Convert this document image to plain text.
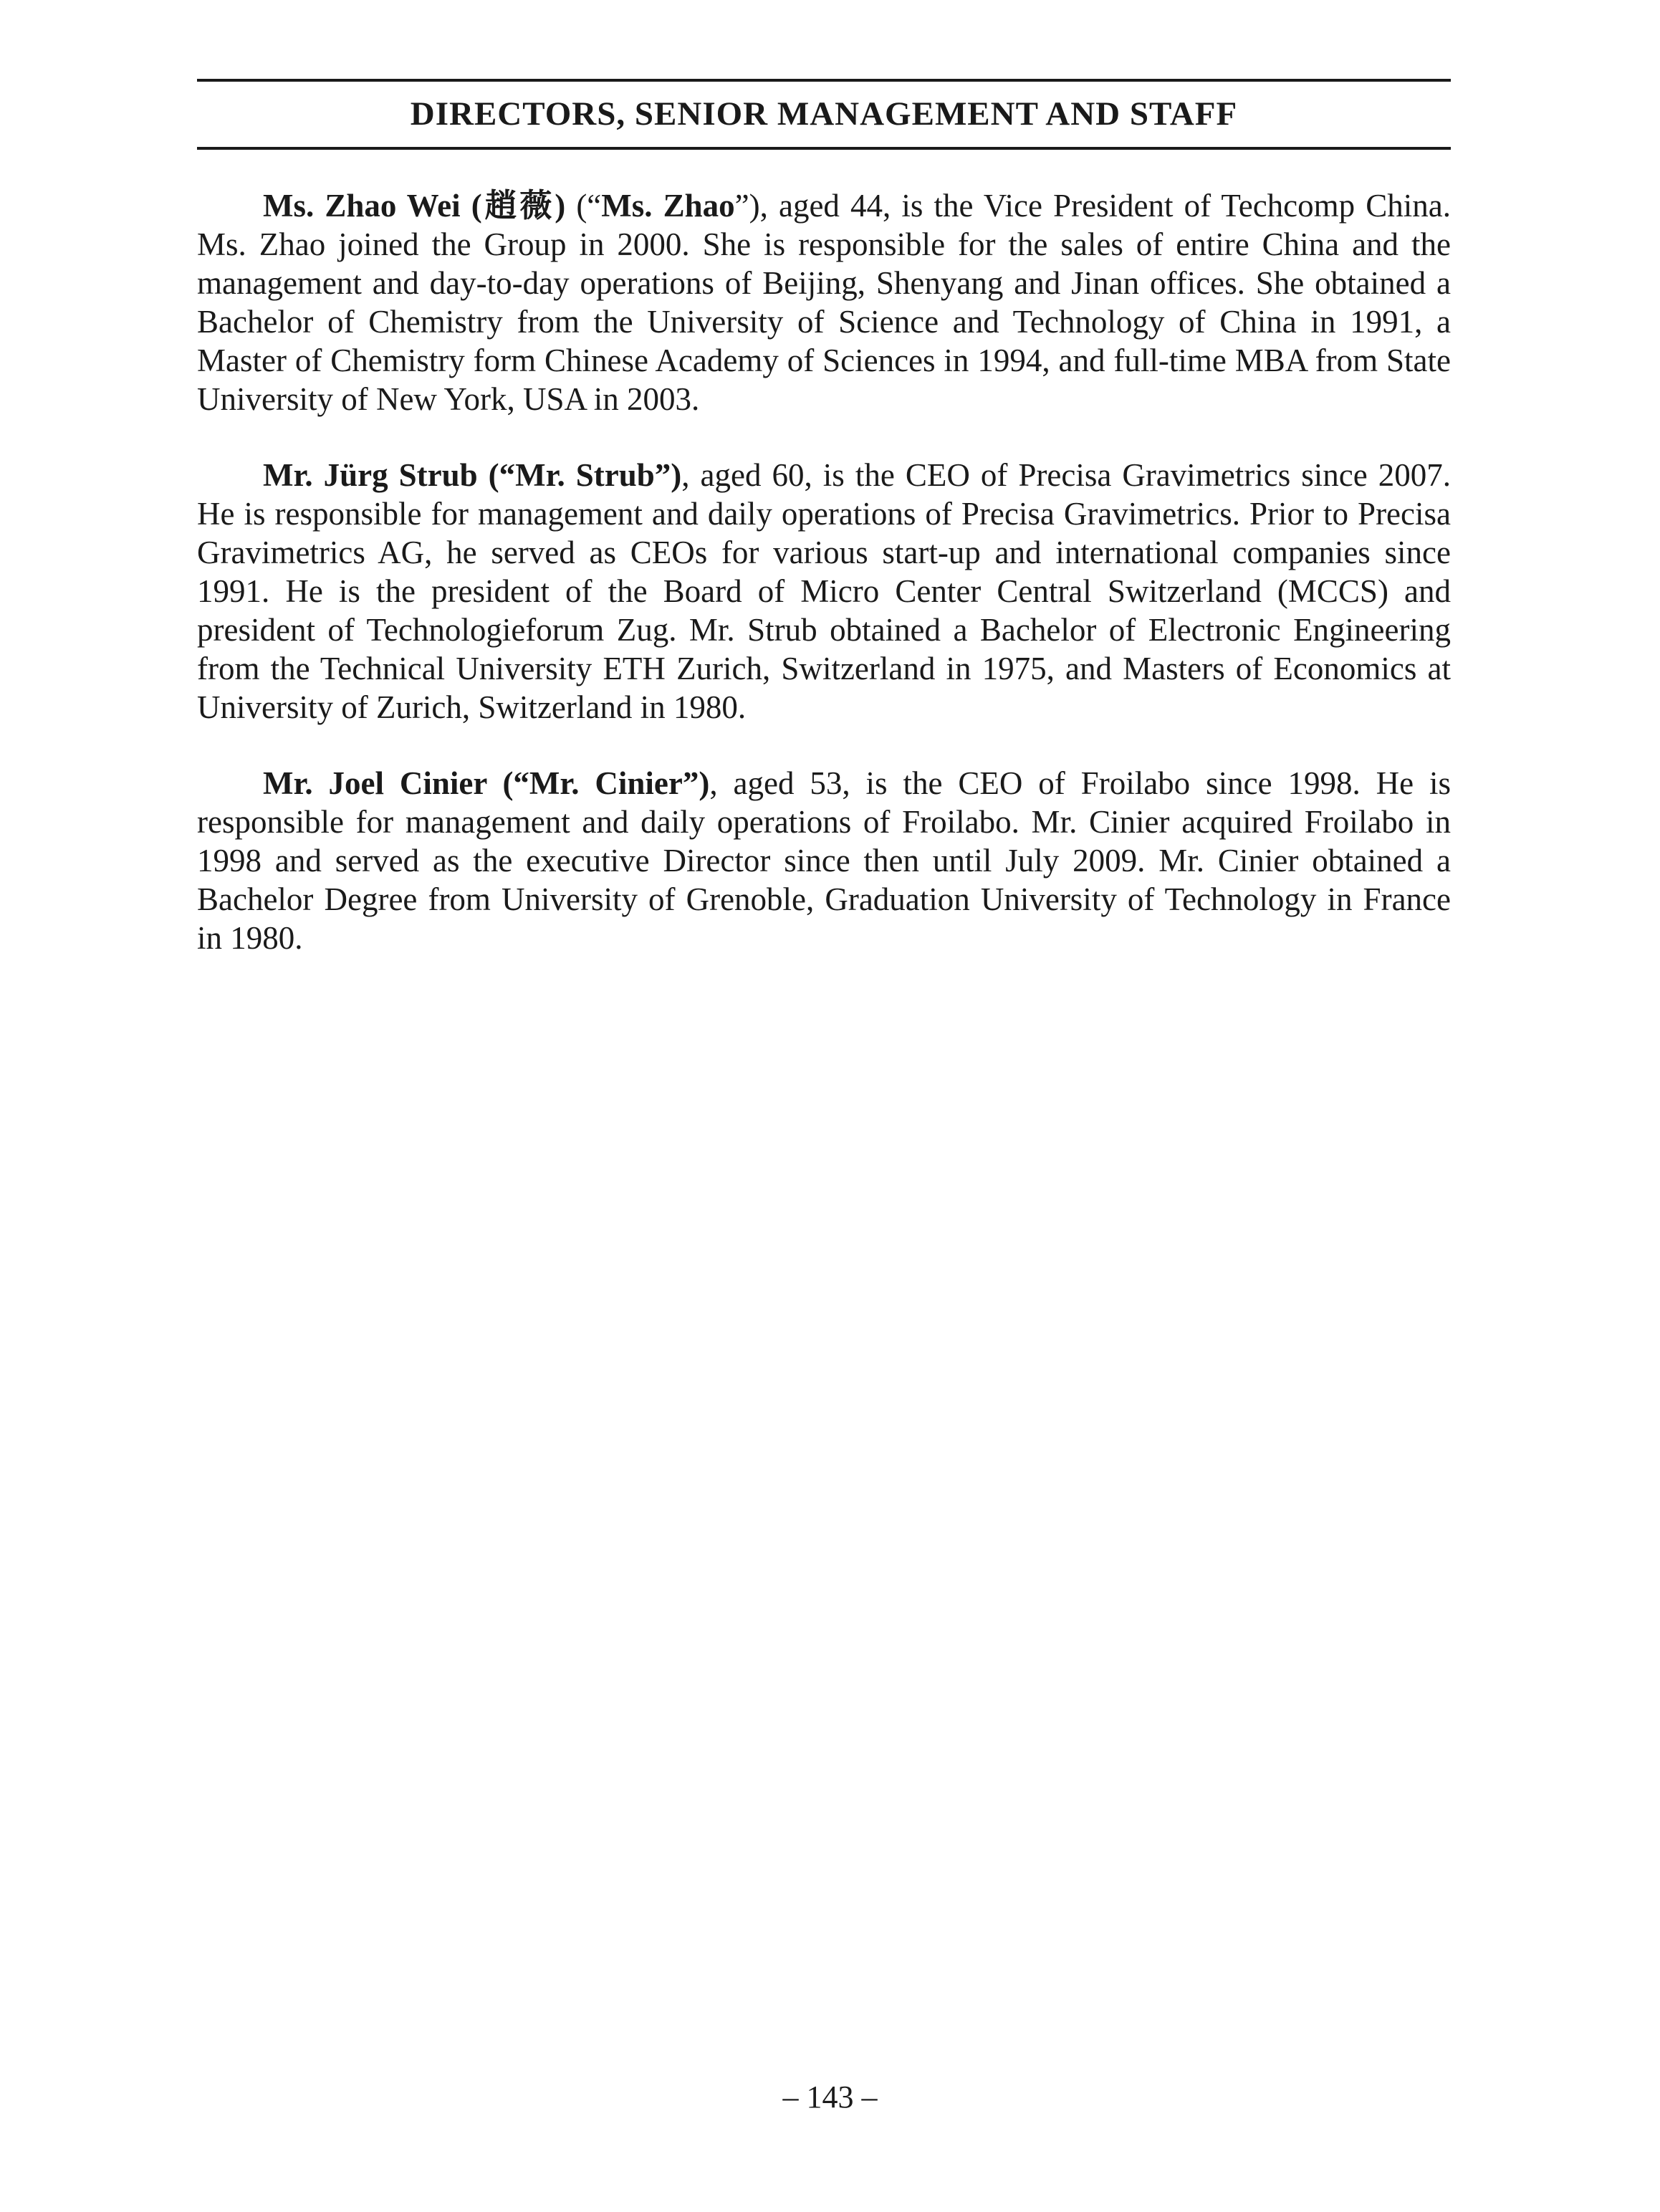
DIRECTORS, SENIOR MANAGEMENT AND STAFF

Ms. Zhao Wei (趙薇) (“Ms. Zhao”), aged 44, is the Vice President of Techcomp China. Ms. Zhao joined the Group in 2000. She is responsible for the sales of entire China and the management and day-to-day operations of Beijing, Shenyang and Jinan offices. She obtained a Bachelor of Chemistry from the University of Science and Technology of China in 1991, a Master of Chemistry form Chinese Academy of Sciences in 1994, and full-time MBA from State University of New York, USA in 2003.

Mr. Jürg Strub (“Mr. Strub”), aged 60, is the CEO of Precisa Gravimetrics since 2007. He is responsible for management and daily operations of Precisa Gravimetrics. Prior to Precisa Gravimetrics AG, he served as CEOs for various start-up and international companies since 1991. He is the president of the Board of Micro Center Central Switzerland (MCCS) and president of Technologieforum Zug. Mr. Strub obtained a Bachelor of Electronic Engineering from the Technical University ETH Zurich, Switzerland in 1975, and Masters of Economics at University of Zurich, Switzerland in 1980.

Mr. Joel Cinier (“Mr. Cinier”), aged 53, is the CEO of Froilabo since 1998. He is responsible for management and daily operations of Froilabo. Mr. Cinier acquired Froilabo in 1998 and served as the executive Director since then until July 2009. Mr. Cinier obtained a Bachelor Degree from University of Grenoble, Graduation University of Technology in France in 1980.

– 143 –
